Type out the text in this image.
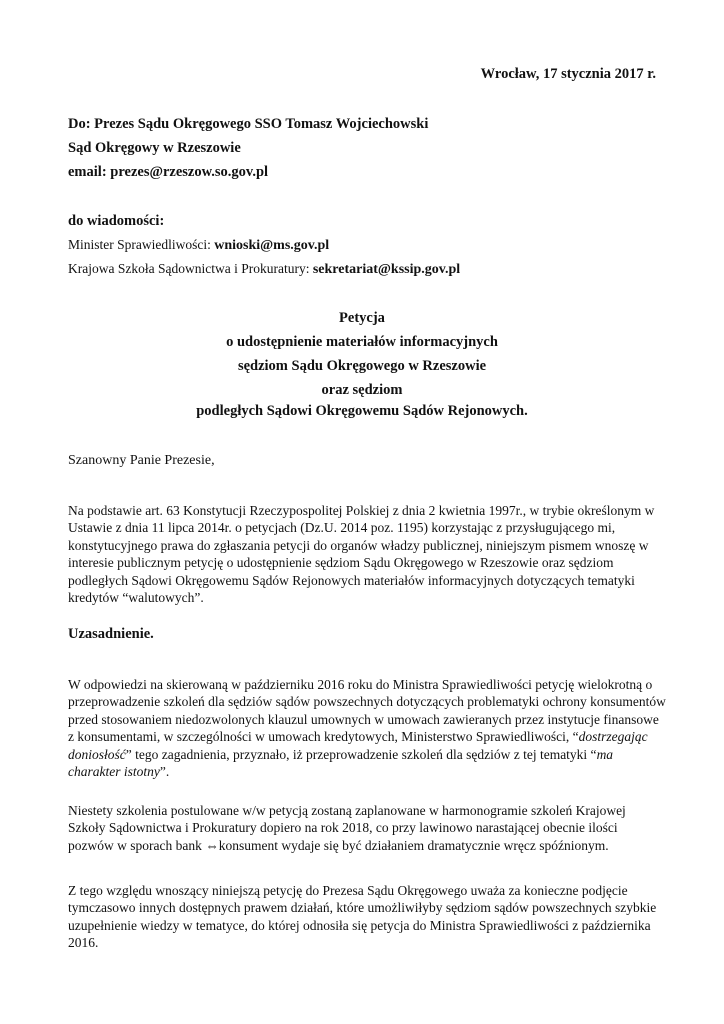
Wrocław, 17 stycznia 2017 r.

Do: Prezes Sądu Okręgowego SSO Tomasz Wojciechowski

Sąd Okręgowy w Rzeszowie

email: prezes@rzeszow.so.gov.pl

do wiadomości:

Minister Sprawiedliwości: wnioski@ms.gov.pl

Krajowa Szkoła Sądownictwa i Prokuratury: sekretariat@kssip.gov.pl

Petycja

o udostępnienie materiałów informacyjnych

sędziom Sądu Okręgowego w Rzeszowie

oraz sędziom

podległych Sądowi Okręgowemu Sądów Rejonowych.

Szanowny Panie Prezesie,

Na podstawie art. 63 Konstytucji Rzeczypospolitej Polskiej z dnia 2 kwietnia 1997r., w trybie określonym w
Ustawie z dnia 11 lipca 2014r. o petycjach (Dz.U. 2014 poz. 1195) korzystając z przysługującego mi,
konstytucyjnego prawa do zgłaszania petycji do organów władzy publicznej, niniejszym pismem wnoszę w
interesie publicznym petycję o udostępnienie sędziom Sądu Okręgowego w Rzeszowie oraz sędziom
podległych Sądowi Okręgowemu Sądów Rejonowych materiałów informacyjnych dotyczących tematyki
kredytów “walutowych”.

Uzasadnienie.

W odpowiedzi na skierowaną w październiku 2016 roku do Ministra Sprawiedliwości petycję wielokrotną o
przeprowadzenie szkoleń dla sędziów sądów powszechnych dotyczących problematyki ochrony konsumentów
przed stosowaniem niedozwolonych klauzul umownych w umowach zawieranych przez instytucje finansowe
z konsumentami, w szczególności w umowach kredytowych, Ministerstwo Sprawiedliwości, “dostrzegając
doniosłość” tego zagadnienia, przyznało, iż przeprowadzenie szkoleń dla sędziów z tej tematyki “ma
charakter istotny”.
Niestety szkolenia postulowane w/w petycją zostaną zaplanowane w harmonogramie szkoleń Krajowej
Szkoły Sądownictwa i Prokuratury dopiero na rok 2018, co przy lawinowo narastającej obecnie ilości
pozwów w sporach bank ⇔konsument wydaje się być działaniem dramatycznie wręcz spóźnionym.
Z tego względu wnoszący niniejszą petycję do Prezesa Sądu Okręgowego uważa za konieczne podjęcie
tymczasowo innych dostępnych prawem działań, które umożliwiłyby sędziom sądów powszechnych szybkie
uzupełnienie wiedzy w tematyce, do której odnosiła się petycja do Ministra Sprawiedliwości z października
2016.
